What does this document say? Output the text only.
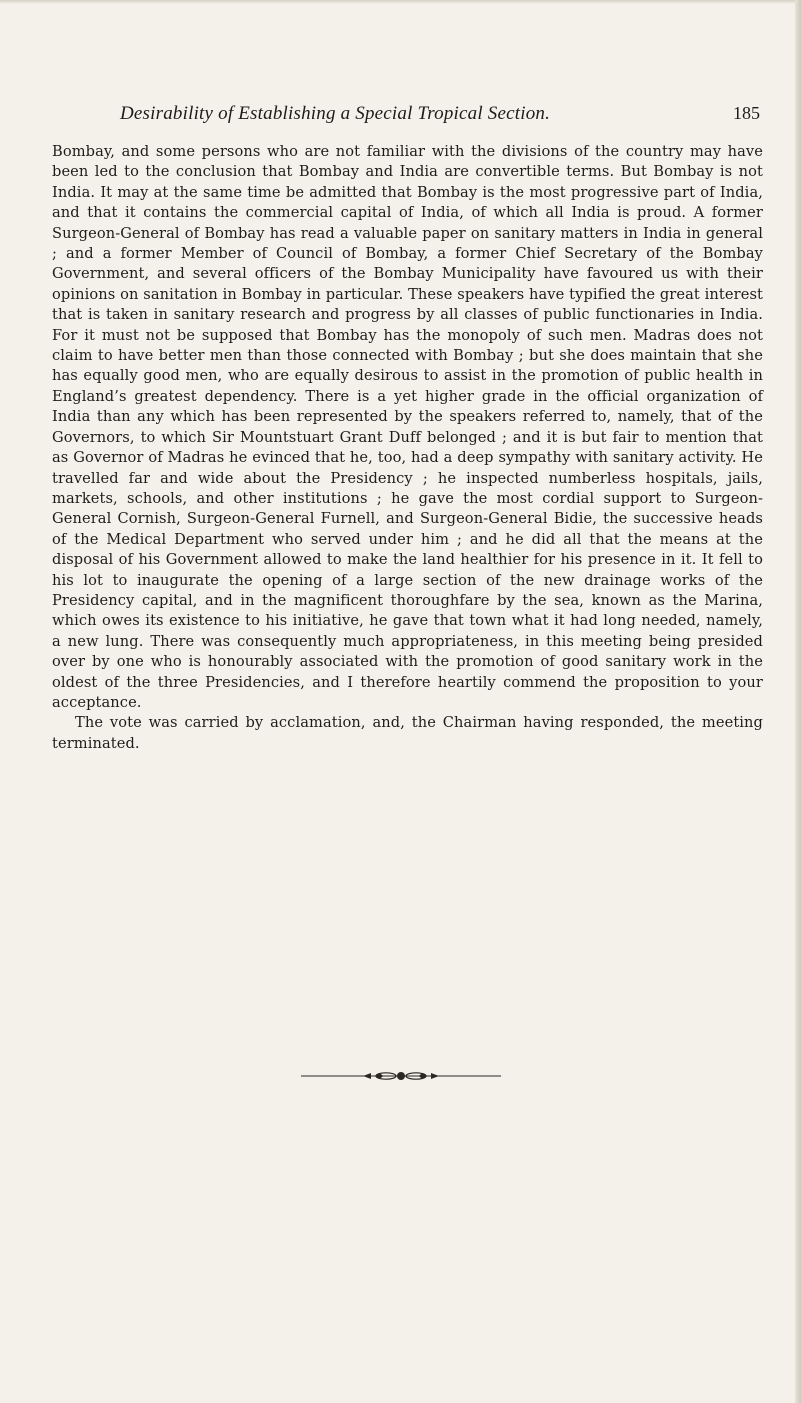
Desirability of Establishing a Special Tropical Section.	185

Bombay, and some persons who are not familiar with the divisions of the country may have been led to the conclusion that Bombay and India are convertible terms. But Bombay is not India. It may at the same time be admitted that Bombay is the most progressive part of India, and that it contains the commercial capital of India, of which all India is proud. A former Surgeon-General of Bombay has read a valuable paper on sanitary matters in India in general ; and a former Member of Council of Bombay, a former Chief Secretary of the Bombay Government, and several officers of the Bombay Municipality have favoured us with their opinions on sanitation in Bombay in particular. These speakers have typified the great interest that is taken in sanitary research and progress by all classes of public functionaries in India. For it must not be supposed that Bombay has the monopoly of such men. Madras does not claim to have better men than those connected with Bombay ; but she does maintain that she has equally good men, who are equally desirous to assist in the promotion of public health in England’s greatest dependency. There is a yet higher grade in the official organization of India than any which has been represented by the speakers referred to, namely, that of the Governors, to which Sir Mountstuart Grant Duff belonged ; and it is but fair to mention that as Governor of Madras he evinced that he, too, had a deep sympathy with sanitary activity. He travelled far and wide about the Presidency ; he inspected numberless hospitals, jails, markets, schools, and other institutions ; he gave the most cordial support to Surgeon-General Cornish, Surgeon-General Furnell, and Surgeon-General Bidie, the successive heads of the Medical Department who served under him ; and he did all that the means at the disposal of his Government allowed to make the land healthier for his presence in it. It fell to his lot to inaugurate the opening of a large section of the new drainage works of the Presidency capital, and in the magnificent thoroughfare by the sea, known as the Marina, which owes its existence to his initiative, he gave that town what it had long needed, namely, a new lung. There was consequently much appropriateness, in this meeting being presided over by one who is honourably associated with the promotion of good sanitary work in the oldest of the three Presidencies, and I therefore heartily commend the proposition to your acceptance.

The vote was carried by acclamation, and, the Chairman having responded, the meeting terminated.
